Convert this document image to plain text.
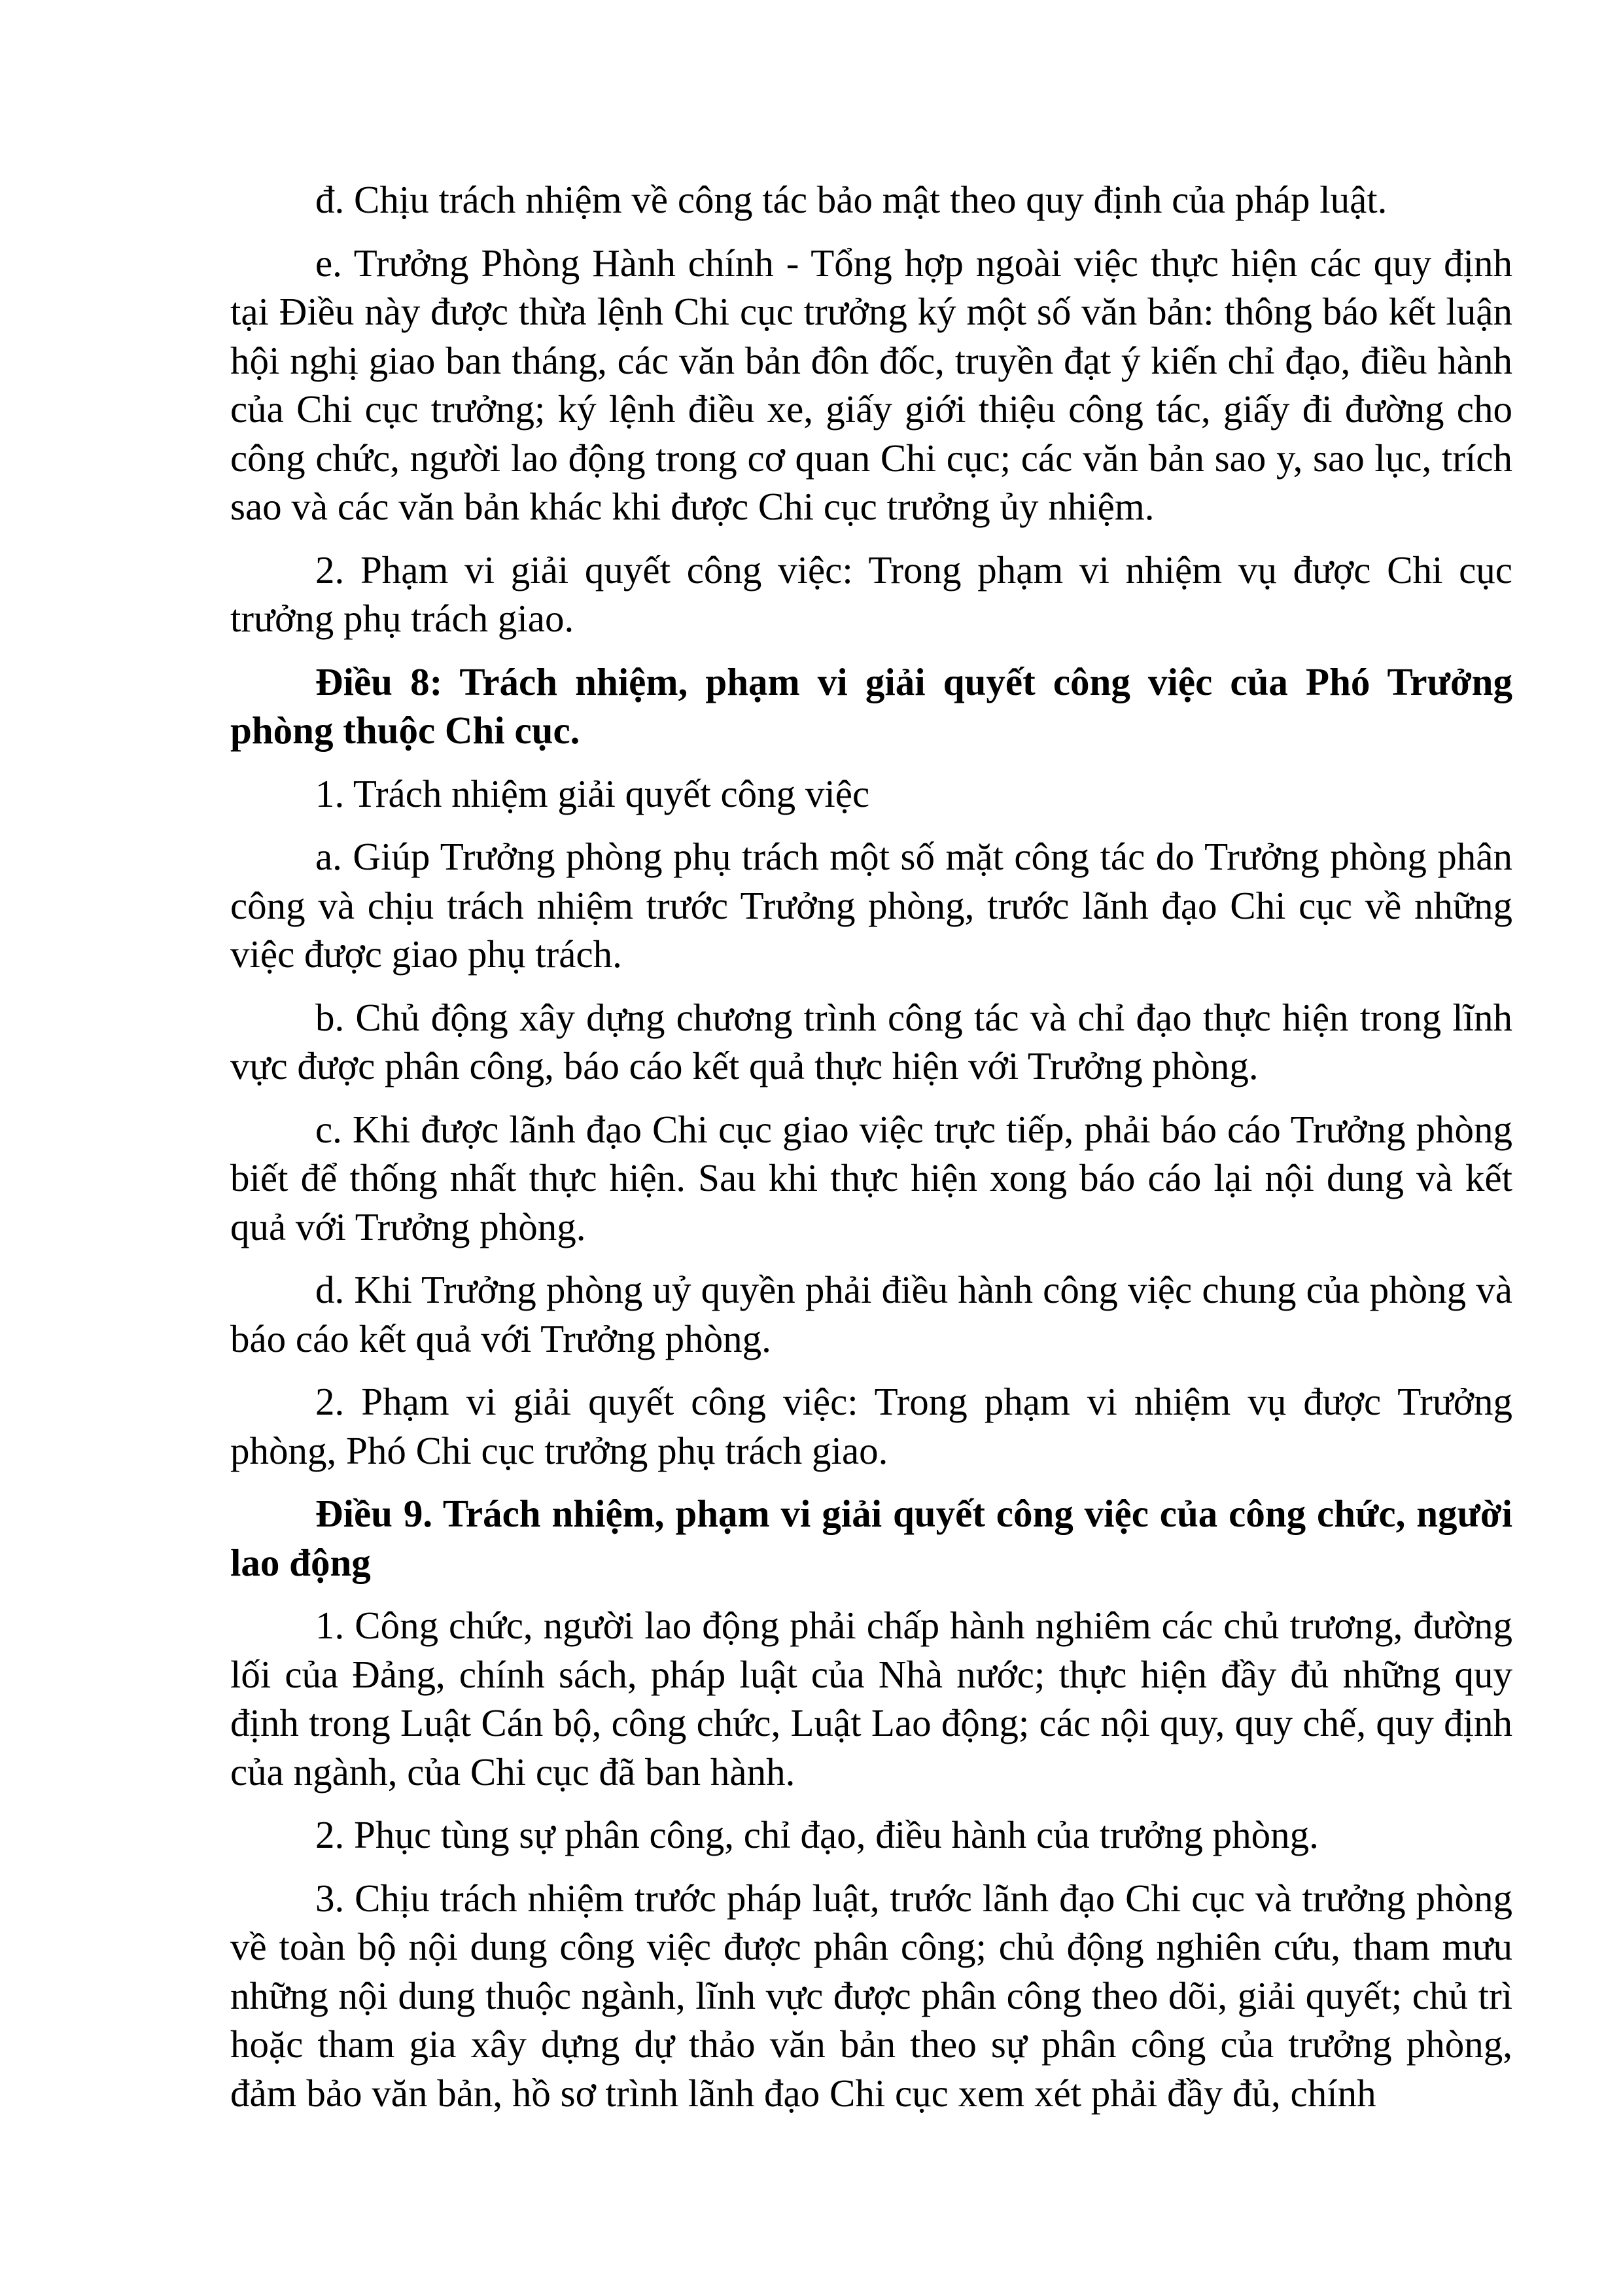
đ. Chịu trách nhiệm về công tác bảo mật theo quy định của pháp luật.

e. Trưởng Phòng Hành chính - Tổng hợp ngoài việc thực hiện các quy định tại Điều này được thừa lệnh Chi cục trưởng ký một số văn bản: thông báo kết luận hội nghị giao ban tháng, các văn bản đôn đốc, truyền đạt ý kiến chỉ đạo, điều hành của Chi cục trưởng; ký lệnh điều xe, giấy giới thiệu công tác, giấy đi đường cho công chức, người lao động trong cơ quan Chi cục; các văn bản sao y, sao lục, trích sao và các văn bản khác khi được Chi cục trưởng ủy nhiệm.

2. Phạm vi giải quyết công việc: Trong phạm vi nhiệm vụ được Chi cục trưởng phụ trách giao.

Điều 8: Trách nhiệm, phạm vi giải quyết công việc của Phó Trưởng phòng thuộc Chi cục.

1. Trách nhiệm giải quyết công việc

a. Giúp Trưởng phòng phụ trách một số mặt công tác do Trưởng phòng phân công và chịu trách nhiệm trước Trưởng phòng, trước lãnh đạo Chi cục về những việc được giao phụ trách.

b. Chủ động xây dựng chương trình công tác và chỉ đạo thực hiện trong lĩnh vực được phân công, báo cáo kết quả thực hiện với Trưởng phòng.

c. Khi được lãnh đạo Chi cục giao việc trực tiếp, phải báo cáo Trưởng phòng biết để thống nhất thực hiện. Sau khi thực hiện xong báo cáo lại nội dung và kết quả với Trưởng phòng.

d. Khi Trưởng phòng uỷ quyền phải điều hành công việc chung của phòng và báo cáo kết quả với Trưởng phòng.

2. Phạm vi giải quyết công việc: Trong phạm vi nhiệm vụ được Trưởng phòng, Phó Chi cục trưởng phụ trách giao.

Điều 9. Trách nhiệm, phạm vi giải quyết công việc của công chức, người lao động

1. Công chức, người lao động phải chấp hành nghiêm các chủ trương, đường lối của Đảng, chính sách, pháp luật của Nhà nước; thực hiện đầy đủ những quy định trong Luật Cán bộ, công chức, Luật Lao động; các nội quy, quy chế, quy định của ngành, của Chi cục đã ban hành.

2. Phục tùng sự phân công, chỉ đạo, điều hành của trưởng phòng.

3. Chịu trách nhiệm trước pháp luật, trước lãnh đạo Chi cục và trưởng phòng về toàn bộ nội dung công việc được phân công; chủ động nghiên cứu, tham mưu những nội dung thuộc ngành, lĩnh vực được phân công theo dõi, giải quyết; chủ trì hoặc tham gia xây dựng dự thảo văn bản theo sự phân công của trưởng phòng, đảm bảo văn bản, hồ sơ trình lãnh đạo Chi cục xem xét phải đầy đủ, chính
